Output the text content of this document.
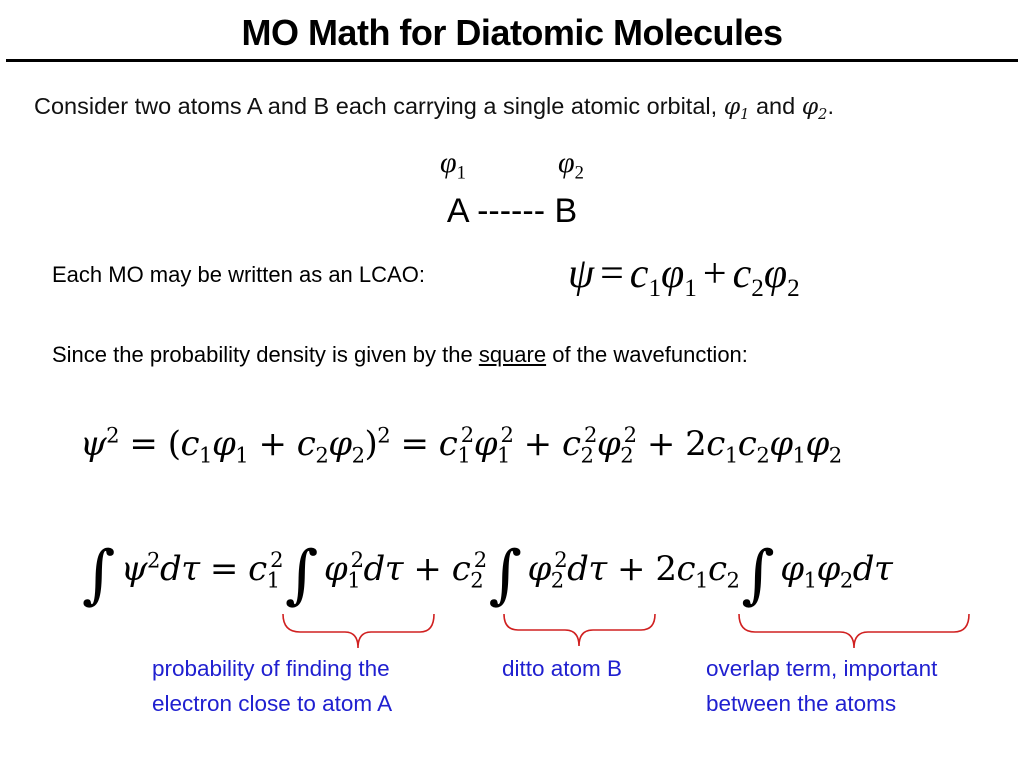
MO Math for Diatomic Molecules
Consider two atoms A and B each carrying a single atomic orbital, $\varphi_1$ and $\varphi_2$.
$\varphi_1$	$\varphi_2$
A ------ B
Each MO may be written as an LCAO:	$\psi = c_1\varphi_1 + c_2\varphi_2$
Since the probability density is given by the square of the wavefunction:
$\psi^2 = (c_1\varphi_1 + c_2\varphi_2)^2 = c_1^2\varphi_1^2 + c_2^2\varphi_2^2 + 2c_1c_2\varphi_1\varphi_2$
∫ $\psi^2d\tau = c_1^2\int$ $\varphi_1^2d\tau + c_2^2\int$ $\varphi_2^2d\tau + 2c_1c_2\int$ $\varphi_1\varphi_2d\tau$
probability of finding the
electron close to atom A
ditto atom B	overlap term, important
between the atoms
